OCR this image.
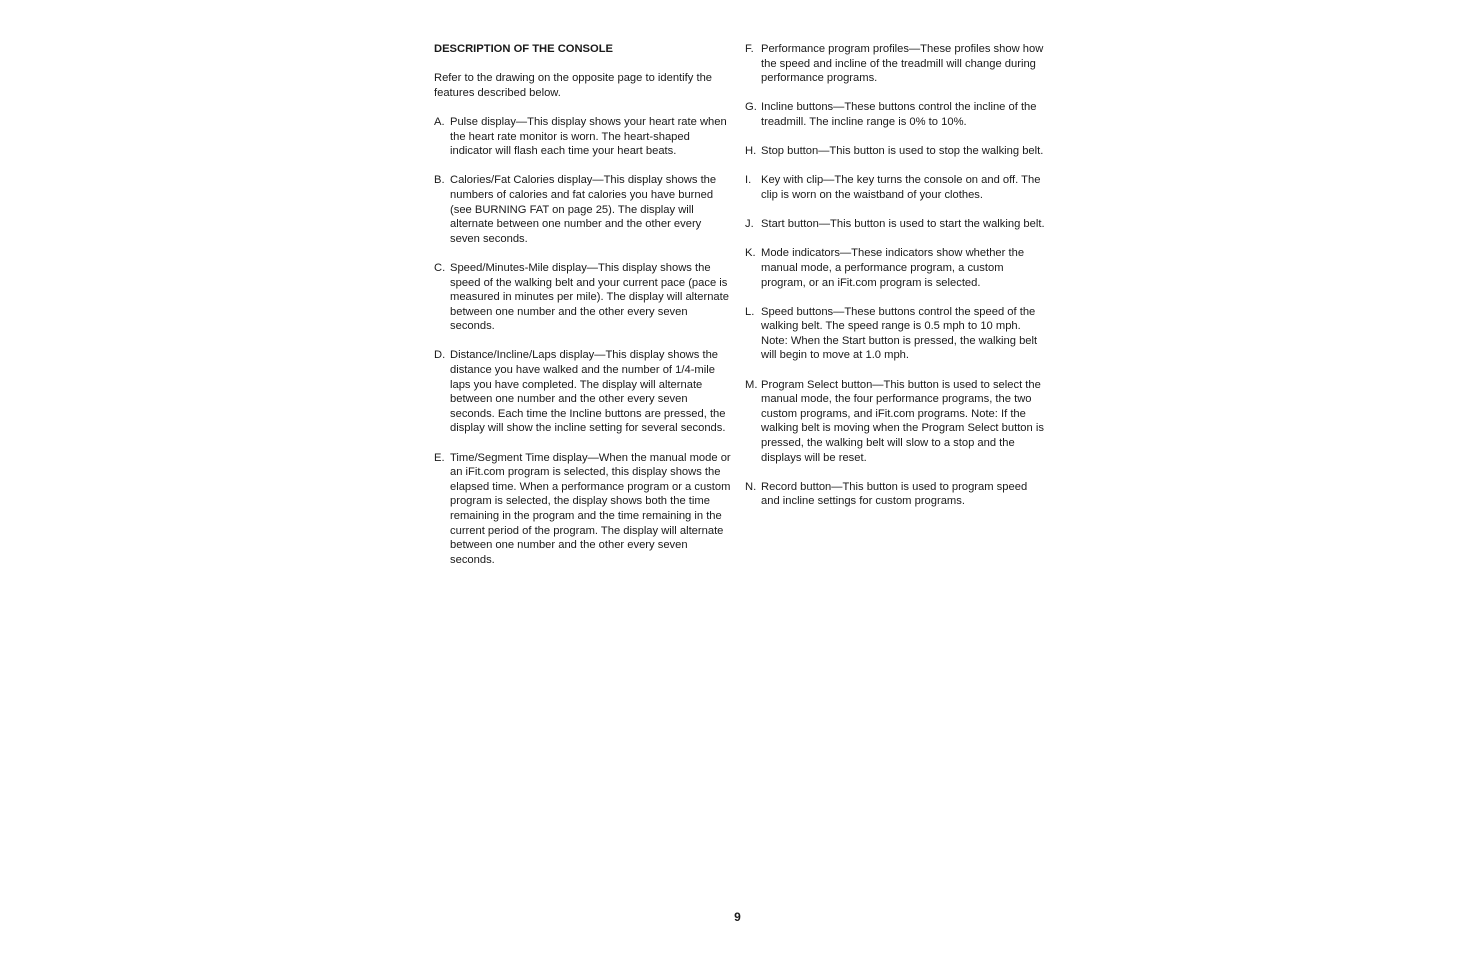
DESCRIPTION OF THE CONSOLE
Refer to the drawing on the opposite page to identify the features described below.
A. Pulse display—This display shows your heart rate when the heart rate monitor is worn. The heart-shaped indicator will flash each time your heart beats.
B. Calories/Fat Calories display—This display shows the numbers of calories and fat calories you have burned (see BURNING FAT on page 25). The display will alternate between one number and the other every seven seconds.
C. Speed/Minutes-Mile display—This display shows the speed of the walking belt and your current pace (pace is measured in minutes per mile). The display will alternate between one number and the other every seven seconds.
D. Distance/Incline/Laps display—This display shows the distance you have walked and the number of 1/4-mile laps you have completed. The display will alternate between one number and the other every seven seconds. Each time the Incline buttons are pressed, the display will show the incline setting for several seconds.
E. Time/Segment Time display—When the manual mode or an iFit.com program is selected, this display shows the elapsed time. When a performance program or a custom program is selected, the display shows both the time remaining in the program and the time remaining in the current period of the program. The display will alternate between one number and the other every seven seconds.
F. Performance program profiles—These profiles show how the speed and incline of the treadmill will change during performance programs.
G. Incline buttons—These buttons control the incline of the treadmill. The incline range is 0% to 10%.
H. Stop button—This button is used to stop the walking belt.
I. Key with clip—The key turns the console on and off. The clip is worn on the waistband of your clothes.
J. Start button—This button is used to start the walking belt.
K. Mode indicators—These indicators show whether the manual mode, a performance program, a custom program, or an iFit.com program is selected.
L. Speed buttons—These buttons control the speed of the walking belt. The speed range is 0.5 mph to 10 mph. Note: When the Start button is pressed, the walking belt will begin to move at 1.0 mph.
M. Program Select button—This button is used to select the manual mode, the four performance programs, the two custom programs, and iFit.com programs. Note: If the walking belt is moving when the Program Select button is pressed, the walking belt will slow to a stop and the displays will be reset.
N. Record button—This button is used to program speed and incline settings for custom programs.
9
